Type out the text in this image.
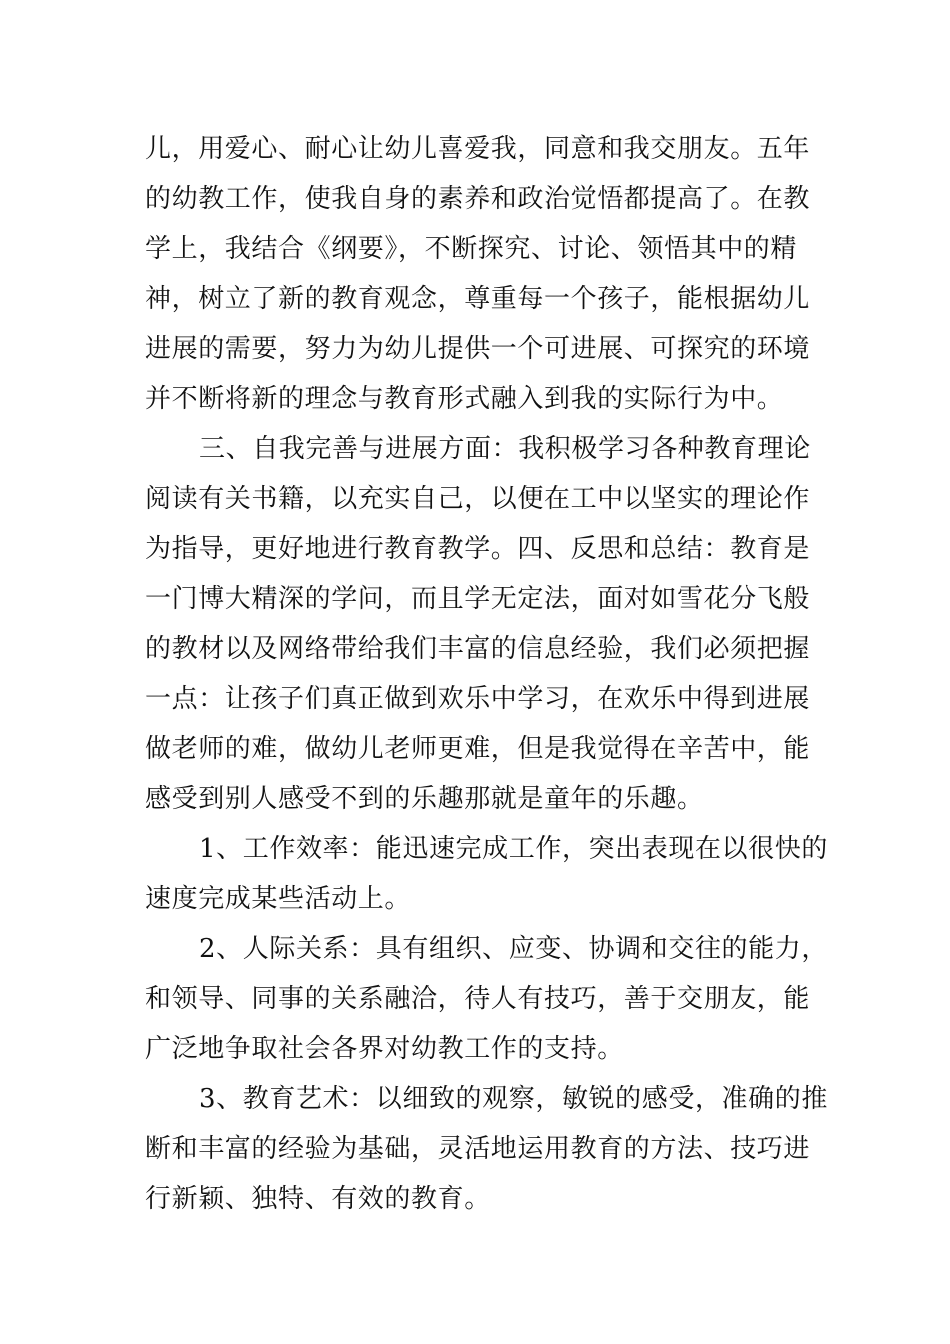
儿，用爱心、耐心让幼儿喜爱我，同意和我交朋友。五年
的幼教工作，使我自身的素养和政治觉悟都提高了。在教
学上，我结合《纲要》，不断探究、讨论、领悟其中的精
神，树立了新的教育观念，尊重每一个孩子，能根据幼儿
进展的需要，努力为幼儿提供一个可进展、可探究的环境
并不断将新的理念与教育形式融入到我的实际行为中。
三、自我完善与进展方面：我积极学习各种教育理论
阅读有关书籍，以充实自己，以便在工中以坚实的理论作
为指导，更好地进行教育教学。四、反思和总结：教育是
一门博大精深的学问，而且学无定法，面对如雪花分飞般
的教材以及网络带给我们丰富的信息经验，我们必须把握
一点：让孩子们真正做到欢乐中学习，在欢乐中得到进展
做老师的难，做幼儿老师更难，但是我觉得在辛苦中，能
感受到别人感受不到的乐趣那就是童年的乐趣。
1、工作效率：能迅速完成工作，突出表现在以很快的
速度完成某些活动上。
2、人际关系：具有组织、应变、协调和交往的能力，
和领导、同事的关系融洽，待人有技巧，善于交朋友，能
广泛地争取社会各界对幼教工作的支持。
3、教育艺术：以细致的观察，敏锐的感受，准确的推
断和丰富的经验为基础，灵活地运用教育的方法、技巧进
行新颖、独特、有效的教育。
